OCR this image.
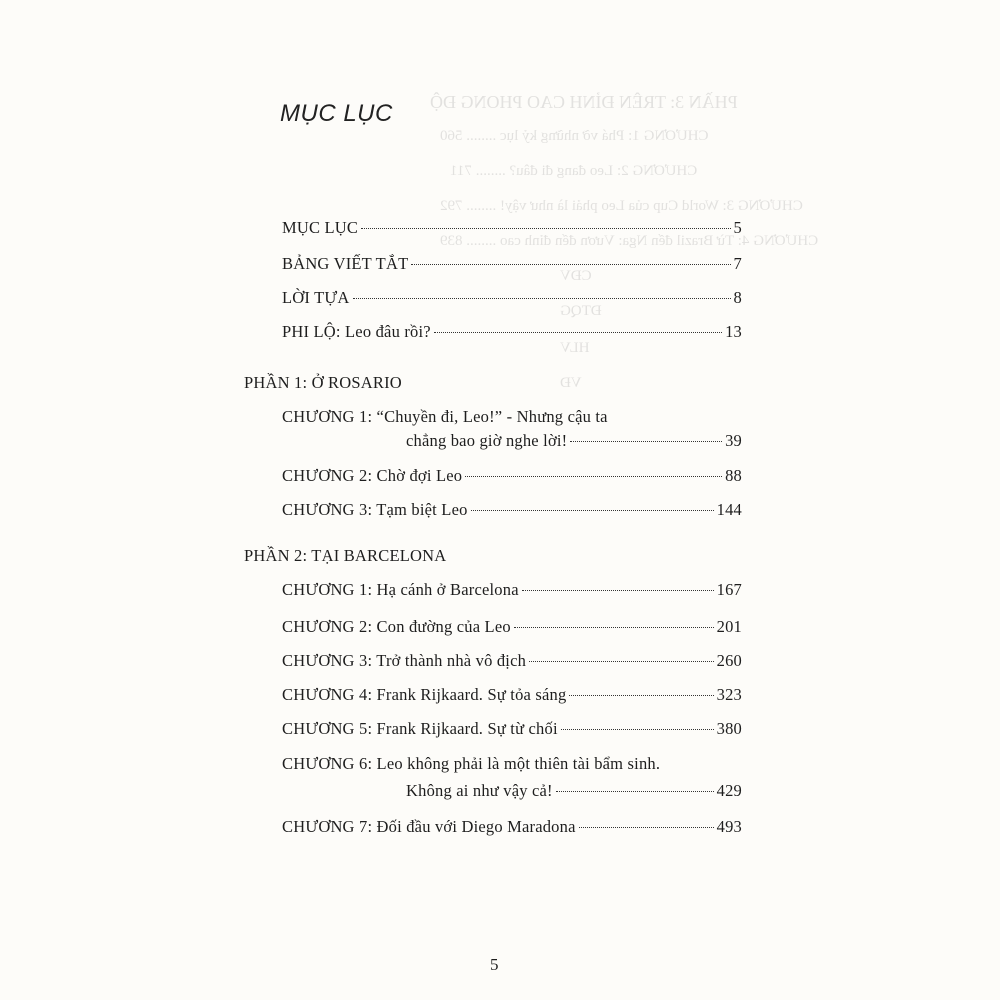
PHẦN 3: TRÊN ĐỈNH CAO PHONG ĐỘ
CHƯƠNG 1: Phá vỡ những kỷ lục ........ 560
CHƯƠNG 2: Leo đang đi đâu? ........ 711
CHƯƠNG 3: World Cup của Leo phải là như vậy! ........ 792
CHƯƠNG 4: Từ Brazil đến Nga: Vươn đến đỉnh cao ........ 839
CĐV
ĐTQG
HLV
VĐ
MỤC LỤC
MỤC LỤC	5
BẢNG VIẾT TẮT	7
LỜI TỰA	8
PHI LỘ: Leo đâu rồi?	13
PHẦN 1: Ở ROSARIO
CHƯƠNG 1: “Chuyền đi, Leo!” - Nhưng cậu ta
chẳng bao giờ nghe lời!	39
CHƯƠNG 2: Chờ đợi Leo	88
CHƯƠNG 3: Tạm biệt Leo	144
PHẦN 2: TẠI BARCELONA
CHƯƠNG 1: Hạ cánh ở Barcelona	167
CHƯƠNG 2: Con đường của Leo	201
CHƯƠNG 3: Trở thành nhà vô địch	260
CHƯƠNG 4: Frank Rijkaard. Sự tỏa sáng	323
CHƯƠNG 5: Frank Rijkaard. Sự từ chối	380
CHƯƠNG 6: Leo không phải là một thiên tài bẩm sinh.
Không ai như vậy cả!	429
CHƯƠNG 7: Đối đầu với Diego Maradona	493
5
